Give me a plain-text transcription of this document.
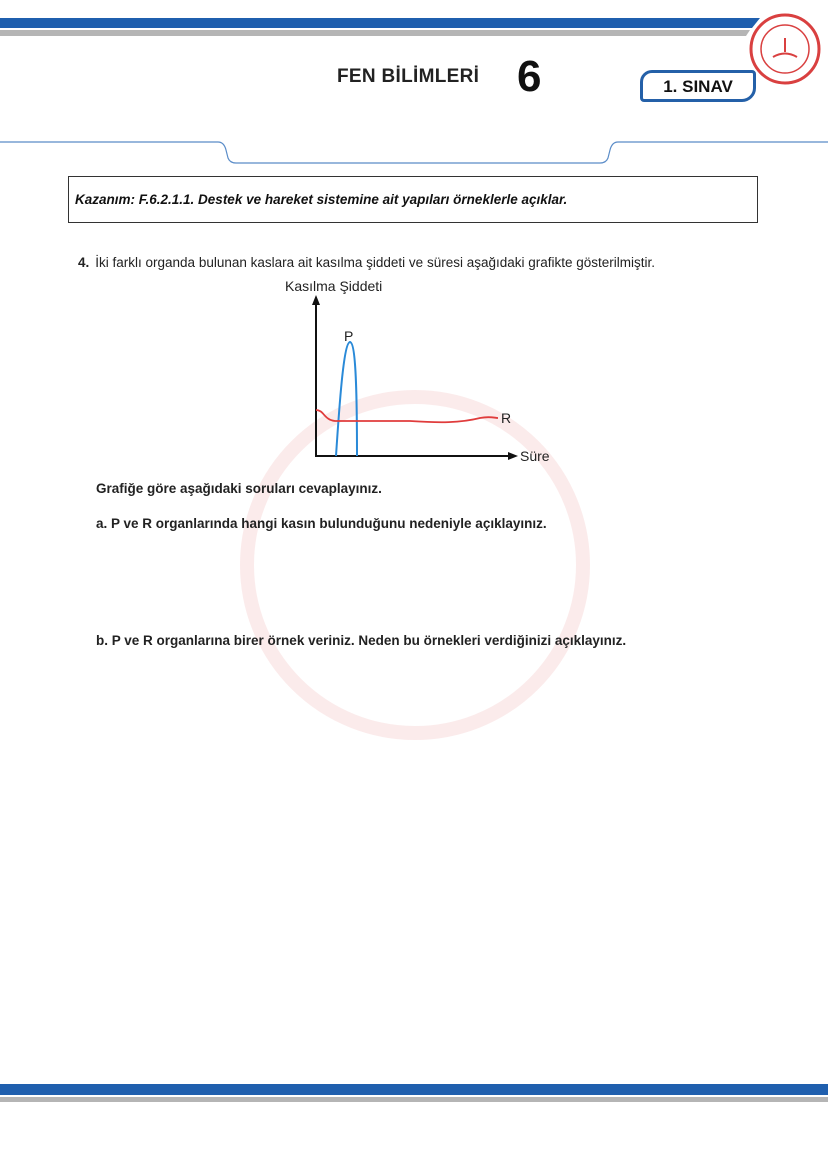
FEN BİLİMLERİ 6	1. SINAV
Kazanım: F.6.2.1.1. Destek ve hareket sistemine ait yapıları örneklerle açıklar.
4. İki farklı organda bulunan kaslara ait kasılma şiddeti ve süresi aşağıdaki grafikte gösterilmiştir.
Kasılma Şiddeti
P
R
Süre
Grafiğe göre aşağıdaki soruları cevaplayınız.
a. P ve R organlarında hangi kasın bulunduğunu nedeniyle açıklayınız.
b. P ve R organlarına birer örnek veriniz. Neden bu örnekleri verdiğinizi açıklayınız.
